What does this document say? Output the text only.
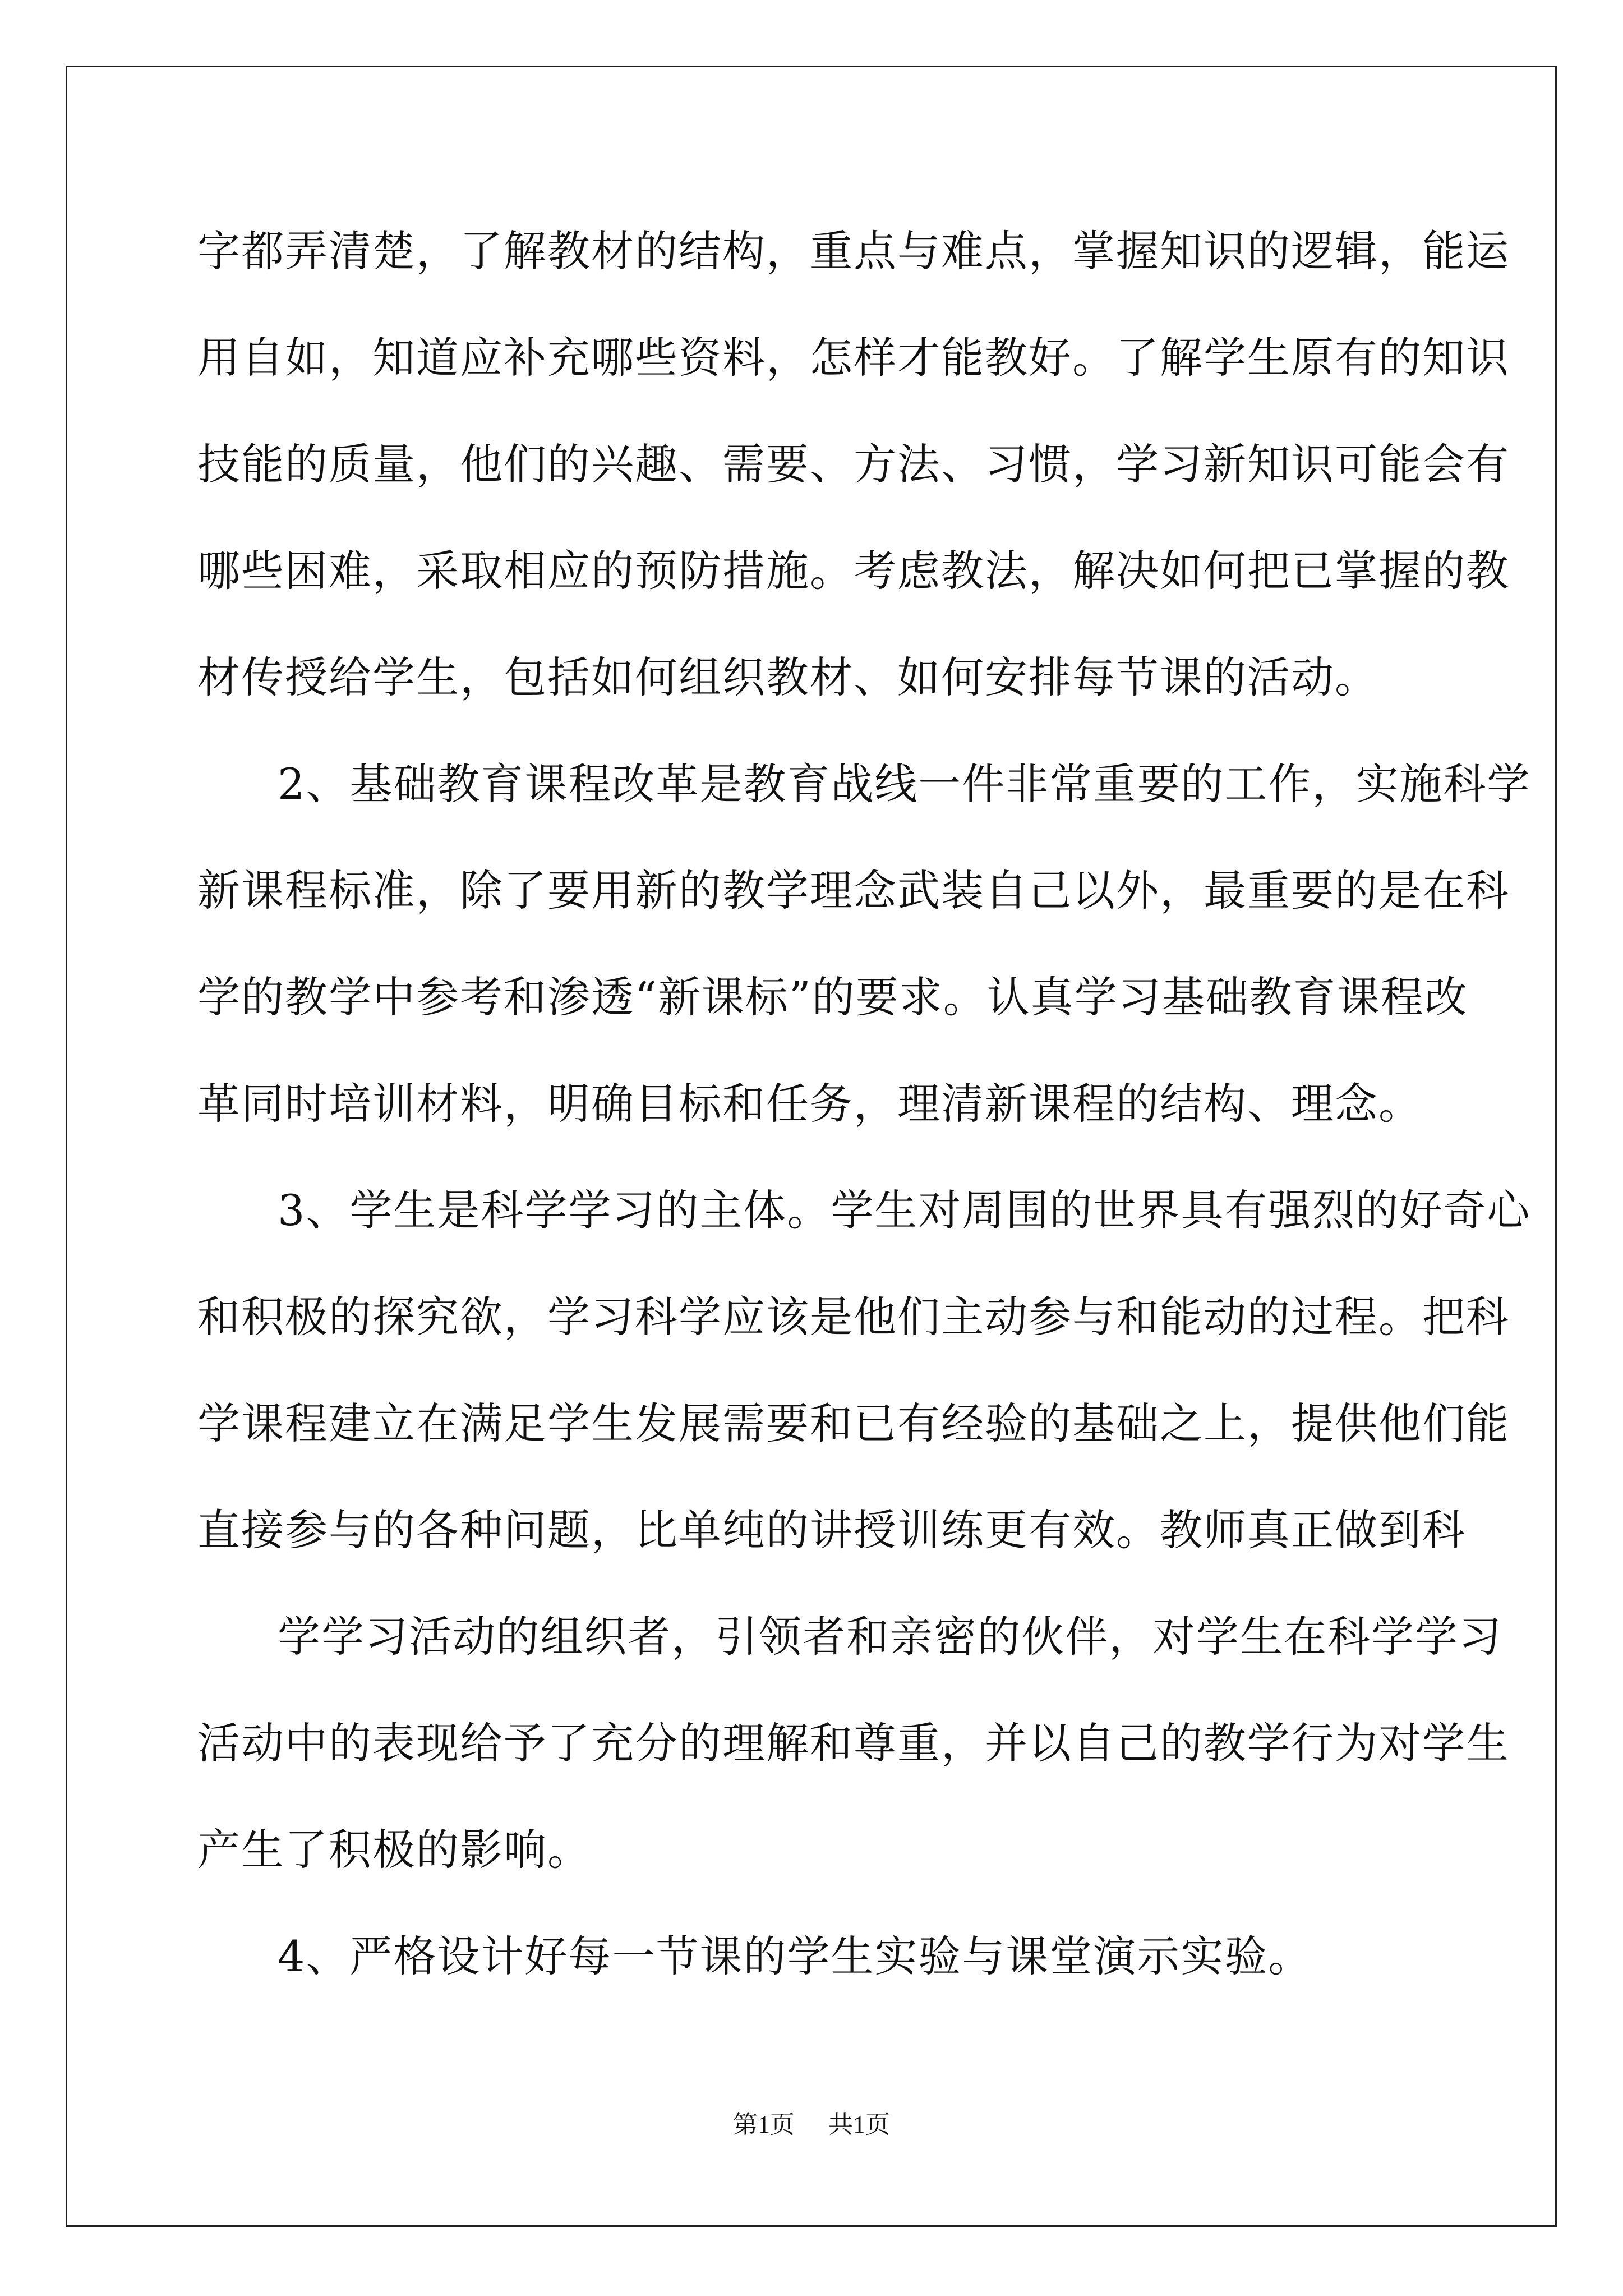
字都弄清楚，了解教材的结构，重点与难点，掌握知识的逻辑，能运
用自如，知道应补充哪些资料，怎样才能教好。了解学生原有的知识
技能的质量，他们的兴趣、需要、方法、习惯，学习新知识可能会有
哪些困难，采取相应的预防措施。考虑教法，解决如何把已掌握的教
材传授给学生，包括如何组织教材、如何安排每节课的活动。
2、基础教育课程改革是教育战线一件非常重要的工作，实施科学
新课程标准，除了要用新的教学理念武装自己以外，最重要的是在科
学的教学中参考和渗透“新课标”的要求。认真学习基础教育课程改
革同时培训材料，明确目标和任务，理清新课程的结构、理念。
3、学生是科学学习的主体。学生对周围的世界具有强烈的好奇心
和积极的探究欲，学习科学应该是他们主动参与和能动的过程。把科
学课程建立在满足学生发展需要和已有经验的基础之上，提供他们能
直接参与的各种问题，比单纯的讲授训练更有效。教师真正做到科
学学习活动的组织者，引领者和亲密的伙伴，对学生在科学学习
活动中的表现给予了充分的理解和尊重，并以自己的教学行为对学生
产生了积极的影响。
4、严格设计好每一节课的学生实验与课堂演示实验。
第1页 共1页
